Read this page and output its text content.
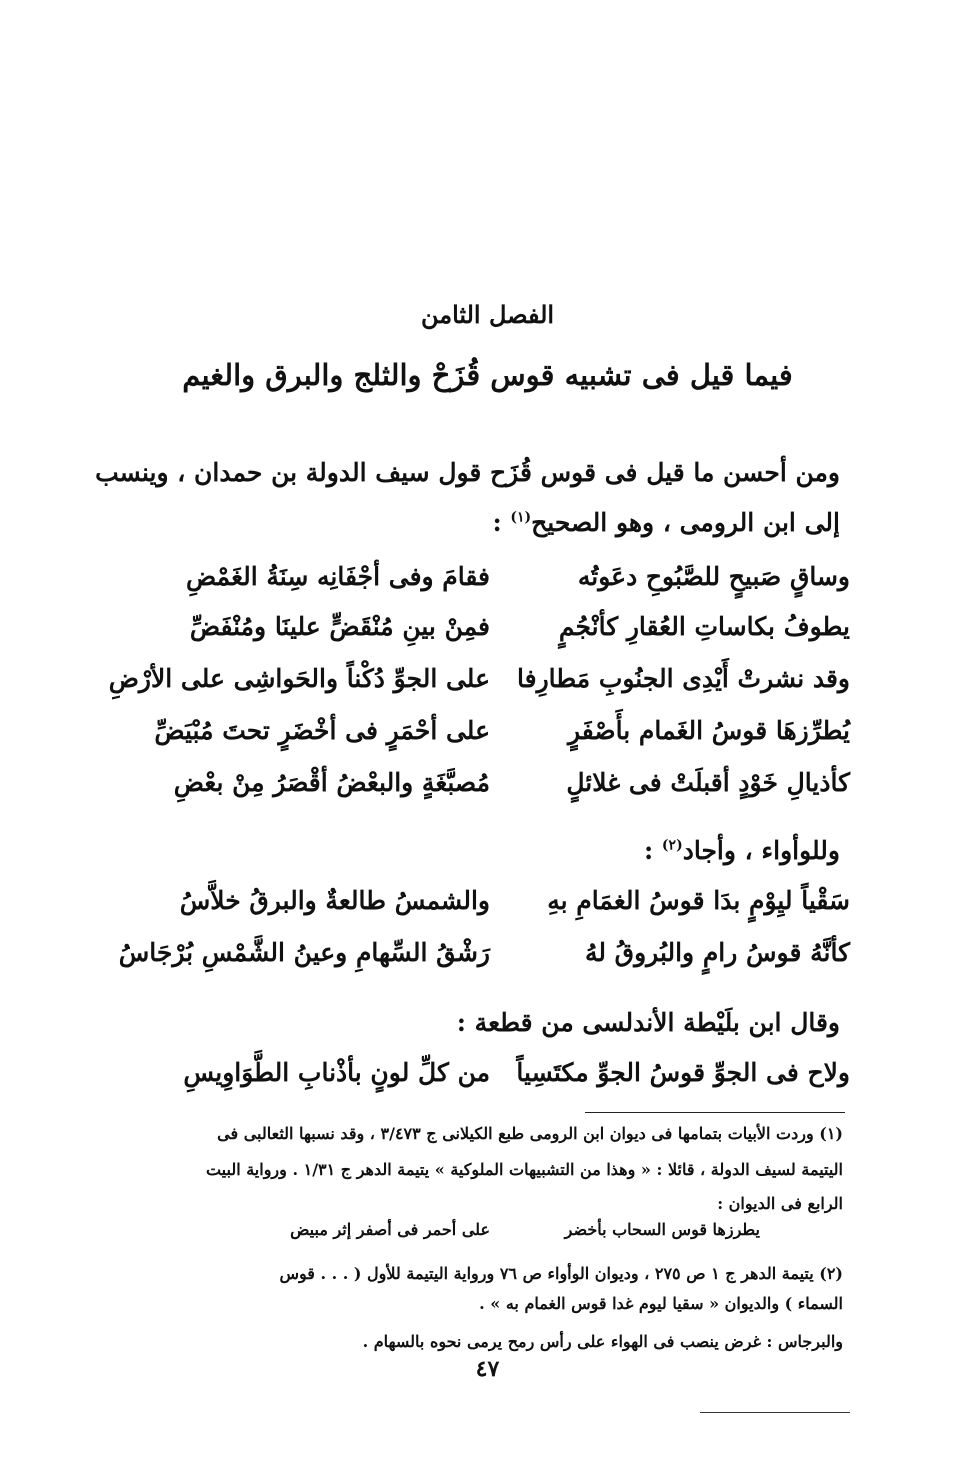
الفصل الثامن
فيما قيل فى تشبيه قوس قُزَحْ والثلج والبرق والغيم
ومن أحسن ما قيل فى قوس قُزَح قول سيف الدولة بن حمدان ، وينسب
إلى ابن الرومى ، وهو الصحيح$^{(١)}$ :
وساقٍ صَبيحٍ للصَّبُوحِ دعَوتُه
فقامَ وفى أجْفَانِه سِنَةُ الغَمْضِ
يطوفُ بكاساتِ العُقارِ كأنْجُمٍ
فمِنْ بينِ مُنْقَضٍّ علينَا ومُنْفَضِّ
وقد نشرتْ أَيْدِى الجنُوبِ مَطارِفا
على الجوِّ دُكْناً والحَواشِى على الأرْضِ
يُطرِّزهَا قوسُ الغَمام بأَصْفَرٍ
على أحْمَرٍ فى أخْضَرٍ تحتَ مُبْيَضِّ
كأذيالِ خَوْدٍ أقبلَتْ فى غلائلٍ
مُصبَّغَةٍ والبعْضُ أقْصَرُ مِنْ بعْضِ
وللوأواء ، وأجاد$^{(٢)}$ :
سَقْياً ليِوْمٍ بدَا قوسُ الغمَامِ بهِ
والشمسُ طالعةٌ والبرقُ خلاَّسُ
كأنَّهُ قوسُ رامٍ والبُروقُ لهُ
رَشْقُ السِّهامِ وعينُ الشَّمْسِ بُرْجَاسُ
وقال ابن بلَيْطة الأندلسى من قطعة :
ولاح فى الجوِّ قوسُ الجوِّ مكتَسِياً
من كلِّ لونٍ بأذْنابِ الطَّوَاوِيسِ
(١) وردت الأبيات بتمامها فى ديوان ابن الرومى طبع الكيلانى ج ٣/٤٧٣ ، وقد نسبها الثعالبى فى
اليتيمة لسيف الدولة ، قائلا : « وهذا من التشبيهات الملوكية » يتيمة الدهر ج ١/٣١ . ورواية البيت
الرابع فى الديوان :
يطرزها قوس السحاب بأخضر
على أحمر فى أصفر إثر مبيض
(٢) يتيمة الدهر ج ١ ص ٢٧٥ ، وديوان الوأواء ص ٧٦ ورواية اليتيمة للأول ( . . . قوس
السماء ) والديوان « سقيا ليوم غدا قوس الغمام به » .
والبرجاس : غرض ينصب فى الهواء على رأس رمح يرمى نحوه بالسهام .
٤٧
